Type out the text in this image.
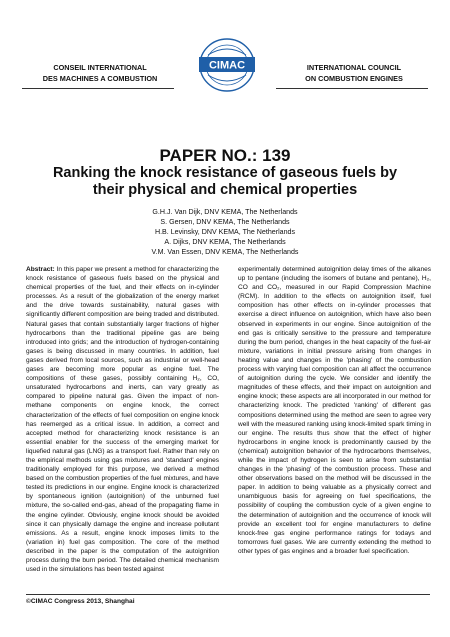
CONSEIL INTERNATIONAL
DES MACHINES A COMBUSTION
CIMAC	INTERNATIONAL COUNCIL
ON COMBUSTION ENGINES
PAPER NO.: 139
Ranking the knock resistance of gaseous fuels by
their physical and chemical properties
G.H.J. Van Dijk, DNV KEMA, The Netherlands
S. Gersen, DNV KEMA, The Netherlands
H.B. Levinsky, DNV KEMA, The Netherlands
A. Dijks, DNV KEMA, The Netherlands
V.M. Van Essen, DNV KEMA, The Netherlands

Abstract: In this paper we present a method for characterizing the knock resistance of gaseous fuels based on the physical and chemical properties of the fuel, and their effects on in-cylinder processes. As a result of the globalization of the energy market and the drive towards sustainability, natural gases with significantly different composition are being traded and distributed. Natural gases that contain substantially larger fractions of higher hydrocarbons than the traditional pipeline gas are being introduced into grids; and the introduction of hydrogen-containing gases is being discussed in many countries. In addition, fuel gases derived from local sources, such as industrial or well-head gases are becoming more popular as engine fuel. The compositions of these gases, possibly containing H₂, CO, unsaturated hydrocarbons and inerts, can vary greatly as compared to pipeline natural gas. Given the impact of non-methane components on engine knock, the correct characterization of the effects of fuel composition on engine knock has reemerged as a critical issue. In addition, a correct and accepted method for characterizing knock resistance is an essential enabler for the success of the emerging market for liquefied natural gas (LNG) as a transport fuel. Rather than rely on the empirical methods using gas mixtures and 'standard' engines traditionally employed for this purpose, we derived a method based on the combustion properties of the fuel mixtures, and have tested its predictions in our engine. Engine knock is characterized by spontaneous ignition (autoignition) of the unburned fuel mixture, the so-called end-gas, ahead of the propagating flame in the engine cylinder. Obviously, engine knock should be avoided since it can physically damage the engine and increase pollutant emissions. As a result, engine knock imposes limits to the (variation in) fuel gas composition. The core of the method described in the paper is the computation of the autoignition process during the burn period. The detailed chemical mechanism used in the simulations has been tested against

experimentally determined autoignition delay times of the alkanes up to pentane (including the isomers of butane and pentane), H₂, CO and CO₂, measured in our Rapid Compression Machine (RCM). In addition to the effects on autoignition itself, fuel composition has other effects on in-cylinder processes that exercise a direct influence on autoignition, which have also been observed in experiments in our engine. Since autoignition of the end gas is critically sensitive to the pressure and temperature during the burn period, changes in the heat capacity of the fuel-air mixture, variations in initial pressure arising from changes in heating value and changes in the 'phasing' of the combustion process with varying fuel composition can all affect the occurrence of autoignition during the cycle. We consider and identify the magnitudes of these effects, and their impact on autoignition and engine knock; these aspects are all incorporated in our method for characterizing knock. The predicted 'ranking' of different gas compositions determined using the method are seen to agree very well with the measured ranking using knock-limited spark timing in our engine. The results thus show that the effect of higher hydrocarbons in engine knock is predominantly caused by the (chemical) autoignition behavior of the hydrocarbons themselves, while the impact of hydrogen is seen to arise from substantial changes in the 'phasing' of the combustion process. These and other observations based on the method will be discussed in the paper. In addition to being valuable as a physically correct and unambiguous basis for agreeing on fuel specifications, the possibility of coupling the combustion cycle of a given engine to the determination of autoignition and the occurrence of knock will provide an excellent tool for engine manufacturers to define knock-free gas engine performance ratings for todays and tomorrows fuel gases. We are currently extending the method to other types of gas engines and a broader fuel specification.

©CIMAC Congress 2013, Shanghai
